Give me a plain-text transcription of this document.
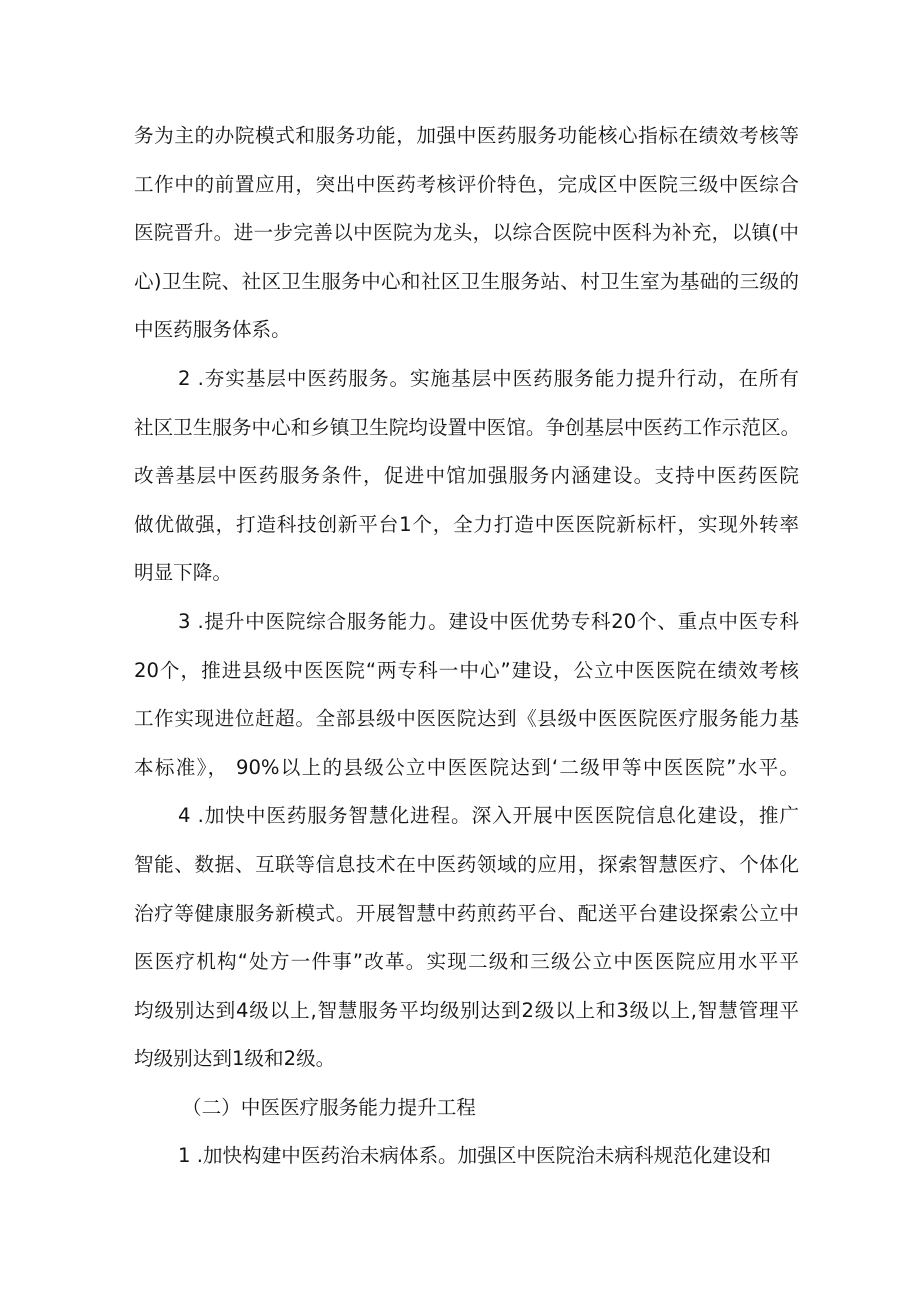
务为主的办院模式和服务功能，加强中医药服务功能核心指标在绩效考核等
工作中的前置应用，突出中医药考核评价特色，完成区中医院三级中医综合
医院晋升。进一步完善以中医院为龙头，以综合医院中医科为补充，以镇(中
心)卫生院、社区卫生服务中心和社区卫生服务站、村卫生室为基础的三级的
中医药服务体系。
2 .夯实基层中医药服务。实施基层中医药服务能力提升行动，在所有
社区卫生服务中心和乡镇卫生院均设置中医馆。争创基层中医药工作示范区。
改善基层中医药服务条件，促进中馆加强服务内涵建设。支持中医药医院
做优做强，打造科技创新平台1个，全力打造中医医院新标杆，实现外转率
明显下降。
3 .提升中医院综合服务能力。建设中医优势专科20个、重点中医专科
20个，推进县级中医医院“两专科一中心”建设，公立中医医院在绩效考核
工作实现进位赶超。全部县级中医医院达到《县级中医医院医疗服务能力基
本标准》， 90%以上的县级公立中医医院达到‘二级甲等中医医院”水平。
4 .加快中医药服务智慧化进程。深入开展中医医院信息化建设，推广
智能、数据、互联等信息技术在中医药领域的应用，探索智慧医疗、个体化
治疗等健康服务新模式。开展智慧中药煎药平台、配送平台建设探索公立中
医医疗机构“处方一件事”改革。实现二级和三级公立中医医院应用水平平
均级别达到4级以上,智慧服务平均级别达到2级以上和3级以上,智慧管理平
均级别达到1级和2级。
（二）中医医疗服务能力提升工程
1 .加快构建中医药治未病体系。加强区中医院治未病科规范化建设和
